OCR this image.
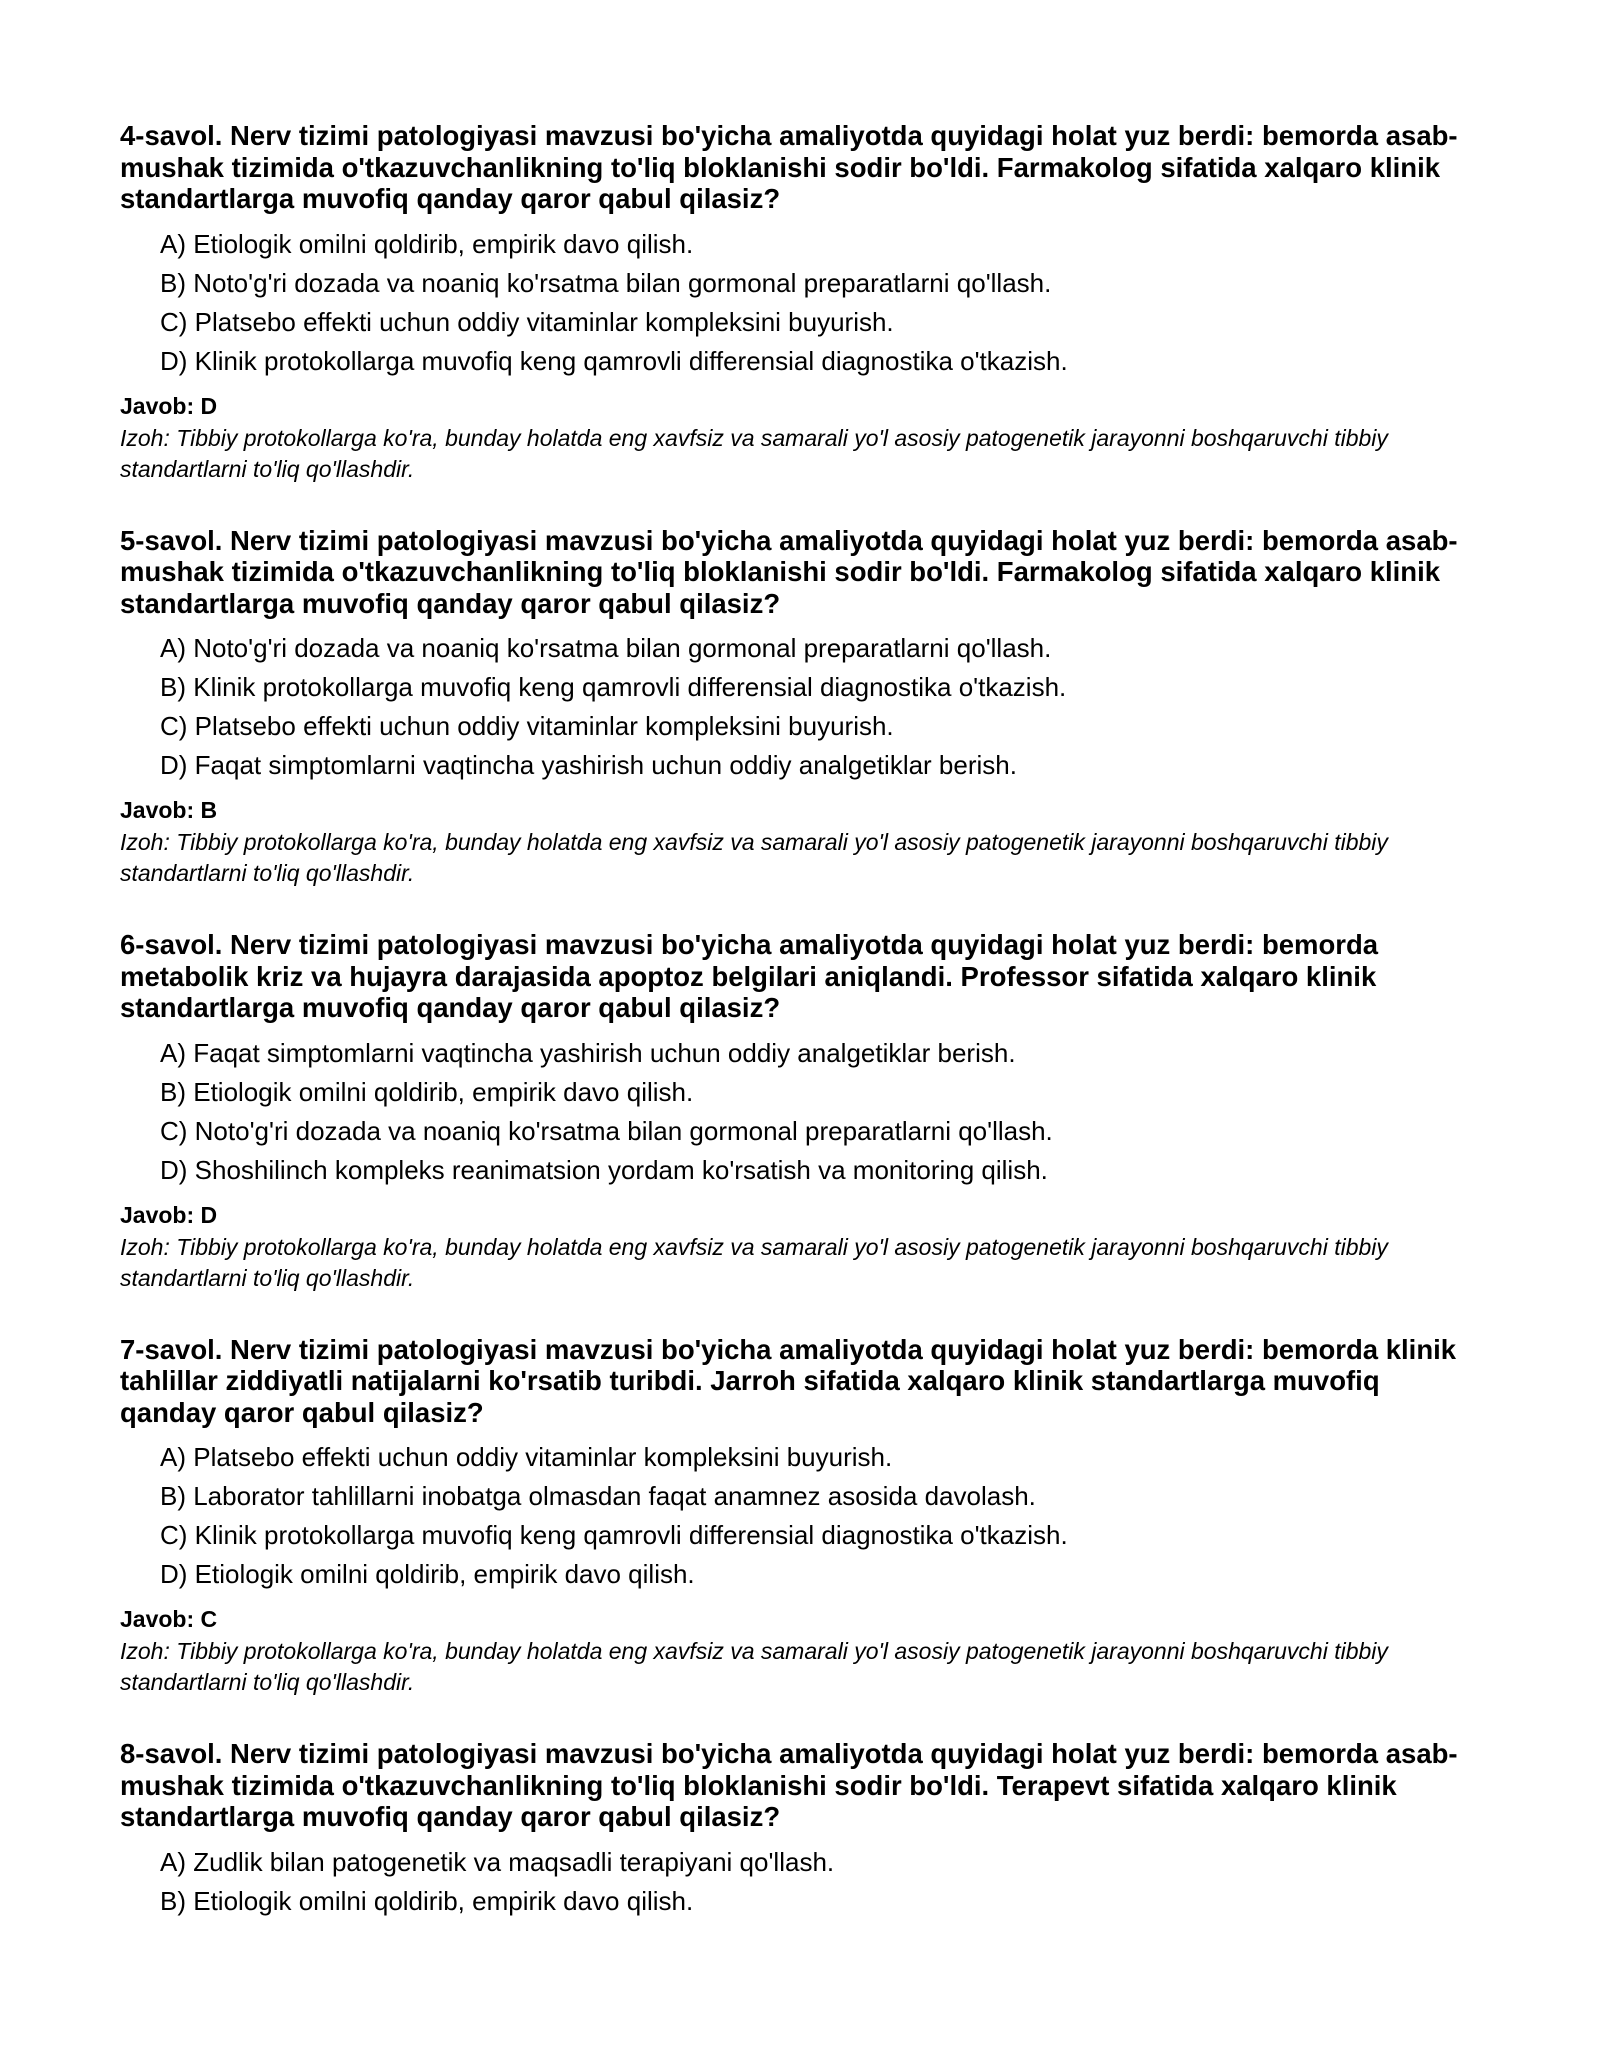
4-savol. Nerv tizimi patologiyasi mavzusi bo'yicha amaliyotda quyidagi holat yuz berdi: bemorda asab-mushak tizimida o'tkazuvchanlikning to'liq bloklanishi sodir bo'ldi. Farmakolog sifatida xalqaro klinik standartlarga muvofiq qanday qaror qabul qilasiz?
A) Etiologik omilni qoldirib, empirik davo qilish.
B) Noto'g'ri dozada va noaniq ko'rsatma bilan gormonal preparatlarni qo'llash.
C) Platsebo effekti uchun oddiy vitaminlar kompleksini buyurish.
D) Klinik protokollarga muvofiq keng qamrovli differensial diagnostika o'tkazish.
Javob: D
Izoh: Tibbiy protokollarga ko'ra, bunday holatda eng xavfsiz va samarali yo'l asosiy patogenetik jarayonni boshqaruvchi tibbiy standartlarni to'liq qo'llashdir.
5-savol. Nerv tizimi patologiyasi mavzusi bo'yicha amaliyotda quyidagi holat yuz berdi: bemorda asab-mushak tizimida o'tkazuvchanlikning to'liq bloklanishi sodir bo'ldi. Farmakolog sifatida xalqaro klinik standartlarga muvofiq qanday qaror qabul qilasiz?
A) Noto'g'ri dozada va noaniq ko'rsatma bilan gormonal preparatlarni qo'llash.
B) Klinik protokollarga muvofiq keng qamrovli differensial diagnostika o'tkazish.
C) Platsebo effekti uchun oddiy vitaminlar kompleksini buyurish.
D) Faqat simptomlarni vaqtincha yashirish uchun oddiy analgetiklar berish.
Javob: B
Izoh: Tibbiy protokollarga ko'ra, bunday holatda eng xavfsiz va samarali yo'l asosiy patogenetik jarayonni boshqaruvchi tibbiy standartlarni to'liq qo'llashdir.
6-savol. Nerv tizimi patologiyasi mavzusi bo'yicha amaliyotda quyidagi holat yuz berdi: bemorda metabolik kriz va hujayra darajasida apoptoz belgilari aniqlandi. Professor sifatida xalqaro klinik standartlarga muvofiq qanday qaror qabul qilasiz?
A) Faqat simptomlarni vaqtincha yashirish uchun oddiy analgetiklar berish.
B) Etiologik omilni qoldirib, empirik davo qilish.
C) Noto'g'ri dozada va noaniq ko'rsatma bilan gormonal preparatlarni qo'llash.
D) Shoshilinch kompleks reanimatsion yordam ko'rsatish va monitoring qilish.
Javob: D
Izoh: Tibbiy protokollarga ko'ra, bunday holatda eng xavfsiz va samarali yo'l asosiy patogenetik jarayonni boshqaruvchi tibbiy standartlarni to'liq qo'llashdir.
7-savol. Nerv tizimi patologiyasi mavzusi bo'yicha amaliyotda quyidagi holat yuz berdi: bemorda klinik tahlillar ziddiyatli natijalarni ko'rsatib turibdi. Jarroh sifatida xalqaro klinik standartlarga muvofiq qanday qaror qabul qilasiz?
A) Platsebo effekti uchun oddiy vitaminlar kompleksini buyurish.
B) Laborator tahlillarni inobatga olmasdan faqat anamnez asosida davolash.
C) Klinik protokollarga muvofiq keng qamrovli differensial diagnostika o'tkazish.
D) Etiologik omilni qoldirib, empirik davo qilish.
Javob: C
Izoh: Tibbiy protokollarga ko'ra, bunday holatda eng xavfsiz va samarali yo'l asosiy patogenetik jarayonni boshqaruvchi tibbiy standartlarni to'liq qo'llashdir.
8-savol. Nerv tizimi patologiyasi mavzusi bo'yicha amaliyotda quyidagi holat yuz berdi: bemorda asab-mushak tizimida o'tkazuvchanlikning to'liq bloklanishi sodir bo'ldi. Terapevt sifatida xalqaro klinik standartlarga muvofiq qanday qaror qabul qilasiz?
A) Zudlik bilan patogenetik va maqsadli terapiyani qo'llash.
B) Etiologik omilni qoldirib, empirik davo qilish.
